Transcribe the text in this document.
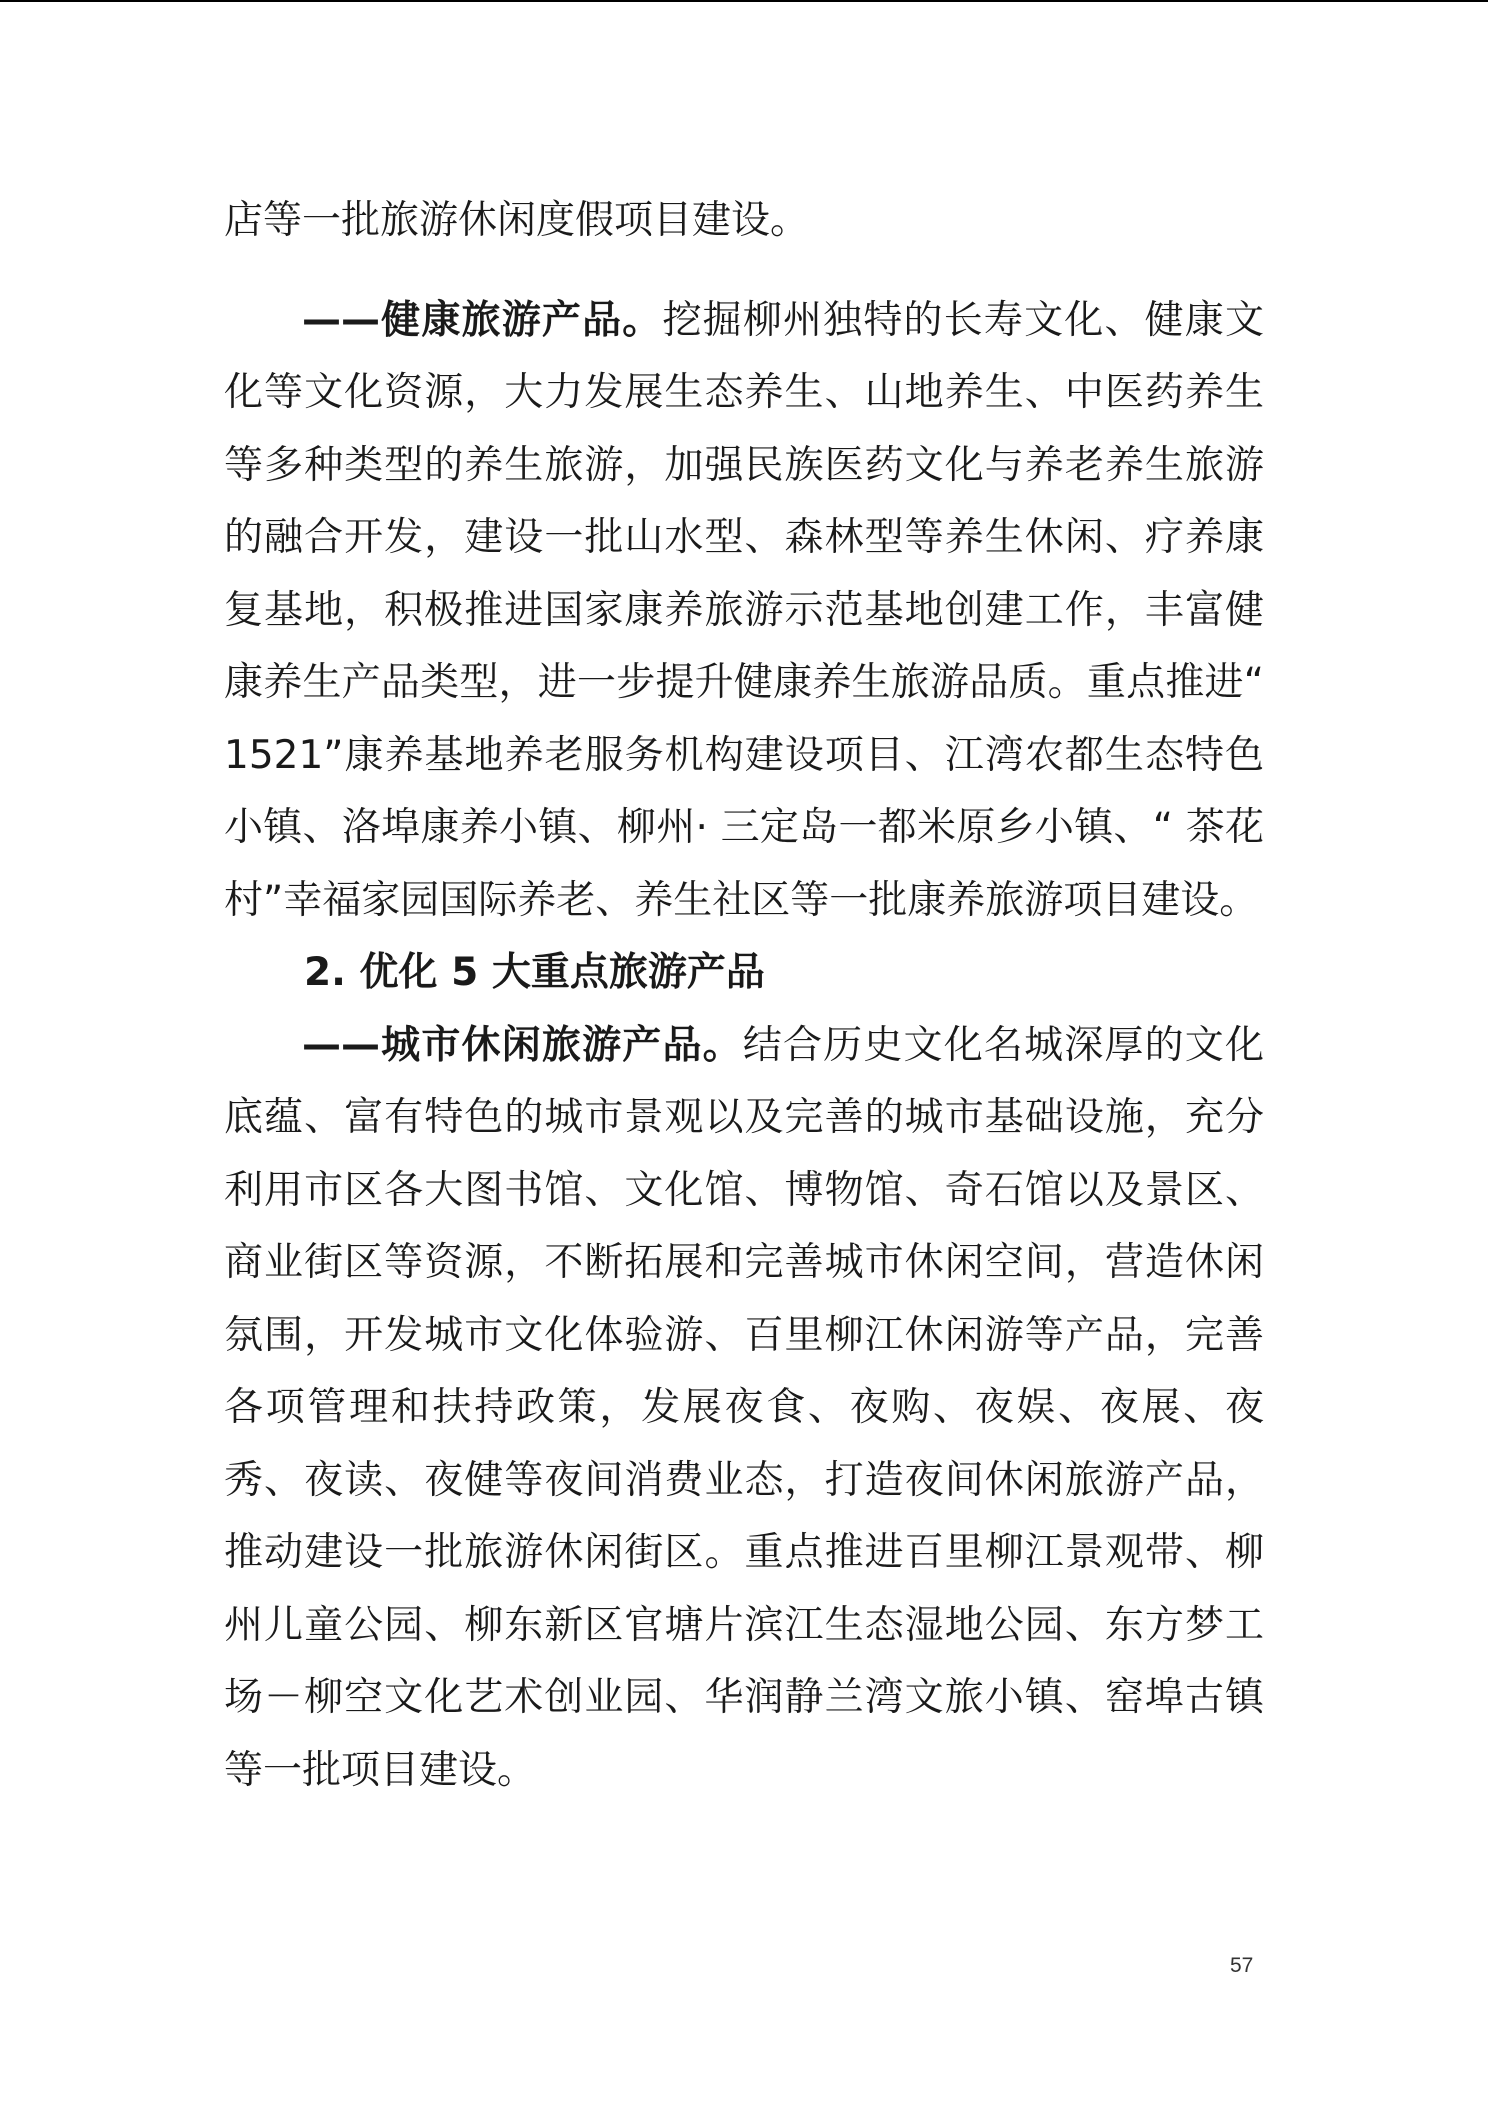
店等一批旅游休闲度假项目建设。

——健康旅游产品。挖掘柳州独特的长寿文化、健康文化等文化资源，大力发展生态养生、山地养生、中医药养生等多种类型的养生旅游，加强民族医药文化与养老养生旅游的融合开发，建设一批山水型、森林型等养生休闲、疗养康复基地，积极推进国家康养旅游示范基地创建工作，丰富健康养生产品类型，进一步提升健康养生旅游品质。重点推进“ 1521”康养基地养老服务机构建设项目、江湾农都生态特色小镇、洛埠康养小镇、柳州· 三定岛一都米原乡小镇、“ 茶花村”幸福家园国际养老、养生社区等一批康养旅游项目建设。

2. 优化 5 大重点旅游产品

——城市休闲旅游产品。结合历史文化名城深厚的文化底蕴、富有特色的城市景观以及完善的城市基础设施，充分利用市区各大图书馆、文化馆、博物馆、奇石馆以及景区、商业街区等资源，不断拓展和完善城市休闲空间，营造休闲氛围，开发城市文化体验游、百里柳江休闲游等产品，完善各项管理和扶持政策，发展夜食、夜购、夜娱、夜展、夜秀、夜读、夜健等夜间消费业态，打造夜间休闲旅游产品，推动建设一批旅游休闲街区。重点推进百里柳江景观带、柳州儿童公园、柳东新区官塘片滨江生态湿地公园、东方梦工场－柳空文化艺术创业园、华润静兰湾文旅小镇、窑埠古镇等一批项目建设。

57
